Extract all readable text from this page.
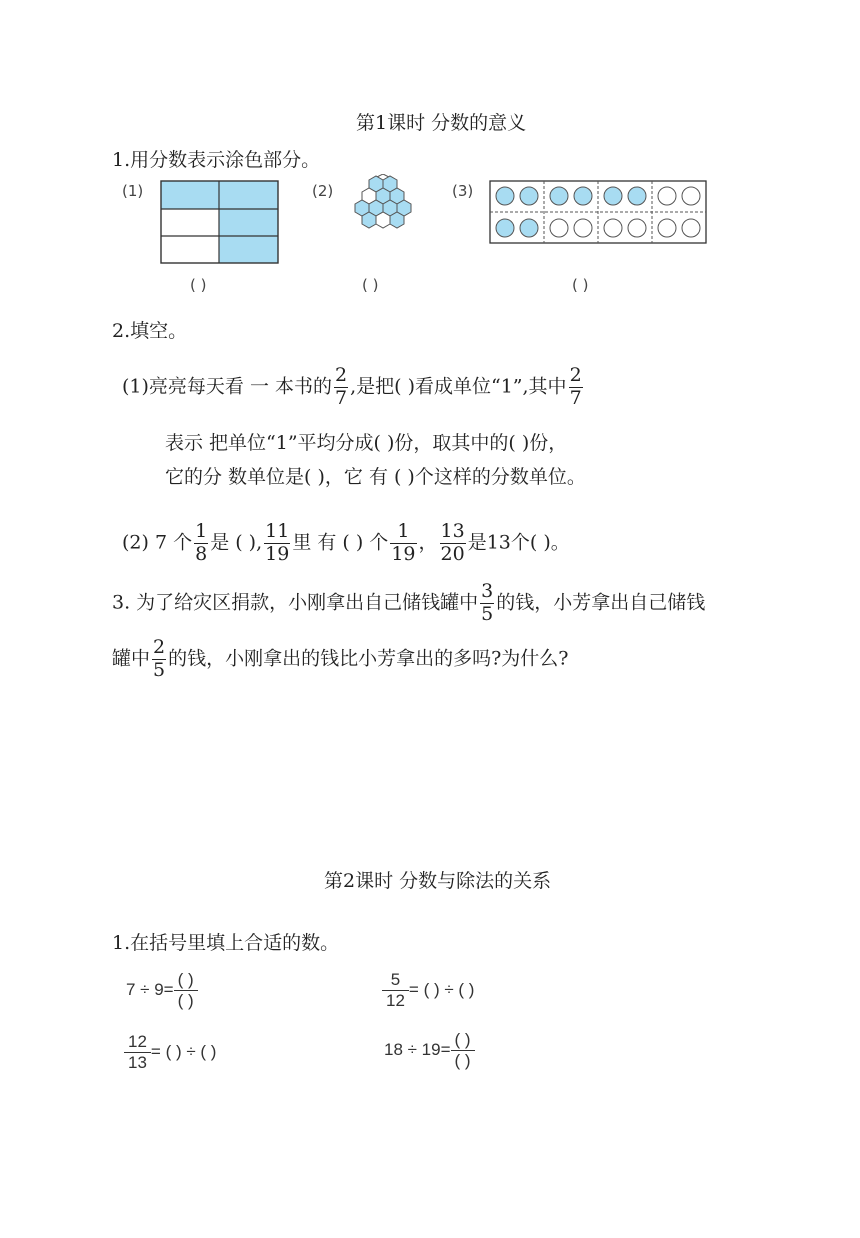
第1课时 分数的意义
1.用分数表示涂色部分。
(1)	(2)	(3)
( )	( )	( )
2.填空。
(1)亮亮每天看 一 本书的 $\frac{2}{7}$ ,是把( )看成单位“1”,其中 $\frac{2}{7}$
表示 把单位“1”平均分成( )份，取其中的( )份，
它的分 数单位是( )，它 有 ( )个这样的分数单位。
(2) 7 个 $\frac{1}{8}$ 是 ( ), $\frac{11}{19}$ 里 有 ( ) 个 $\frac{1}{19}$ ， $\frac{13}{20}$ 是13个( )。
3. 为了给灾区捐款，小刚拿出自己储钱罐中 $\frac{3}{5}$ 的钱，小芳拿出自己储钱
罐中 $\frac{2}{5}$ 的钱，小刚拿出的钱比小芳拿出的多吗?为什么?
第2课时 分数与除法的关系
1.在括号里填上合适的数。
7 ÷ 9=
( )
( )	$\frac{5}{12}$ = ( ) ÷ ( )
$\frac{12}{13}$ = ( ) ÷ ( )	18 ÷ 19=
( )
( )
